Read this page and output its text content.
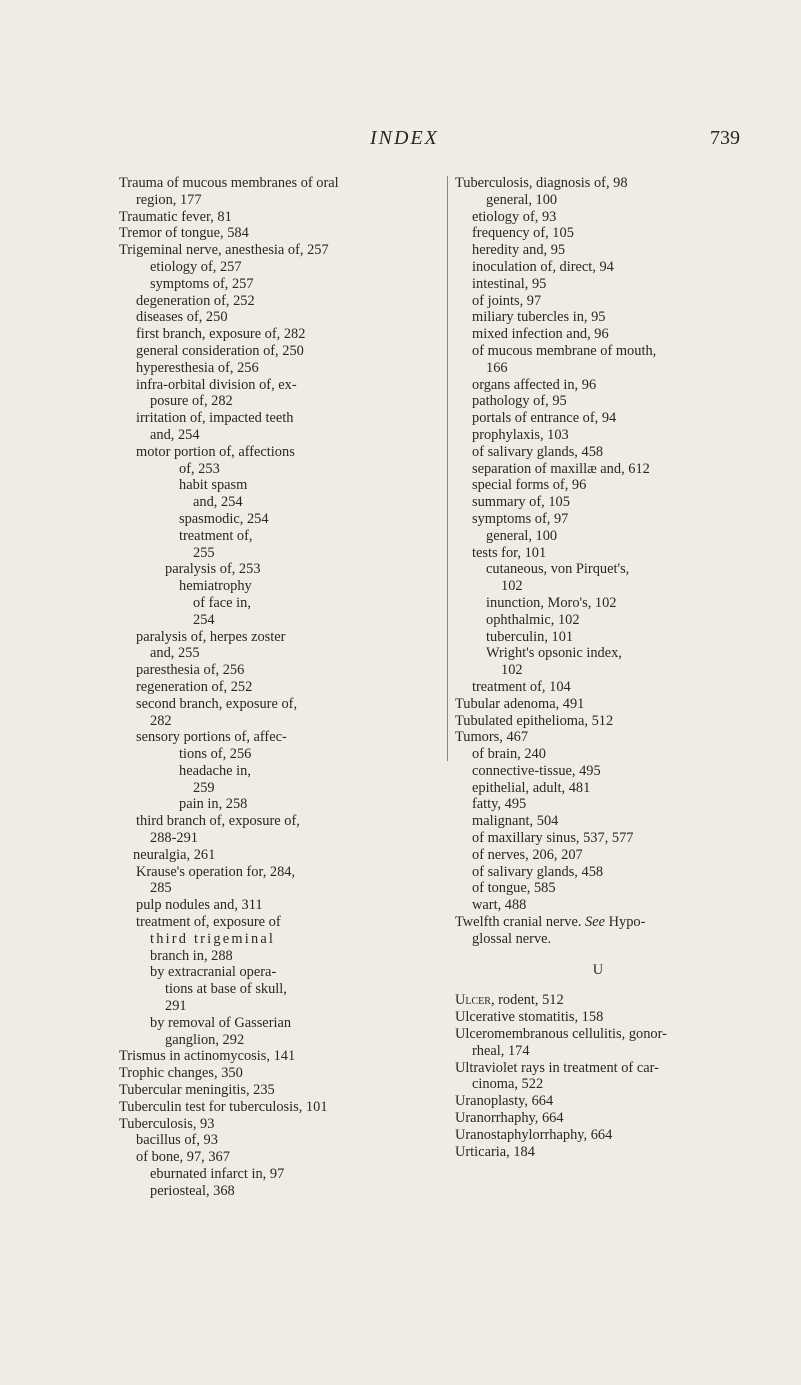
INDEX	739
Trauma of mucous membranes of oral
region, 177
Traumatic fever, 81
Tremor of tongue, 584
Trigeminal nerve, anesthesia of, 257
etiology of, 257
symptoms of, 257
degeneration of, 252
diseases of, 250
first branch, exposure of, 282
general consideration of, 250
hyperesthesia of, 256
infra-orbital division of, ex-
posure of, 282
irritation of, impacted teeth
and, 254
motor portion of, affections
of, 253
habit spasm
and, 254
spasmodic, 254
treatment of,
255
paralysis of, 253
hemiatrophy
of face in,
254
paralysis of, herpes zoster
and, 255
paresthesia of, 256
regeneration of, 252
second branch, exposure of,
282
sensory portions of, affec-
tions of, 256
headache in,
259
pain in, 258
third branch of, exposure of,
288-291
neuralgia, 261
Krause's operation for, 284,
285
pulp nodules and, 311
treatment of, exposure of
third trigeminal
branch in, 288
by extracranial opera-
tions at base of skull,
291
by removal of Gasserian
ganglion, 292
Trismus in actinomycosis, 141
Trophic changes, 350
Tubercular meningitis, 235
Tuberculin test for tuberculosis, 101
Tuberculosis, 93
bacillus of, 93
of bone, 97, 367
eburnated infarct in, 97
periosteal, 368
Tuberculosis, diagnosis of, 98
general, 100
etiology of, 93
frequency of, 105
heredity and, 95
inoculation of, direct, 94
intestinal, 95
of joints, 97
miliary tubercles in, 95
mixed infection and, 96
of mucous membrane of mouth,
166
organs affected in, 96
pathology of, 95
portals of entrance of, 94
prophylaxis, 103
of salivary glands, 458
separation of maxillæ and, 612
special forms of, 96
summary of, 105
symptoms of, 97
general, 100
tests for, 101
cutaneous, von Pirquet's,
102
inunction, Moro's, 102
ophthalmic, 102
tuberculin, 101
Wright's opsonic index,
102
treatment of, 104
Tubular adenoma, 491
Tubulated epithelioma, 512
Tumors, 467
of brain, 240
connective-tissue, 495
epithelial, adult, 481
fatty, 495
malignant, 504
of maxillary sinus, 537, 577
of nerves, 206, 207
of salivary glands, 458
of tongue, 585
wart, 488
Twelfth cranial nerve. See Hypo-
glossal nerve.
U
Ulcer, rodent, 512
Ulcerative stomatitis, 158
Ulceromembranous cellulitis, gonor-
rheal, 174
Ultraviolet rays in treatment of car-
cinoma, 522
Uranoplasty, 664
Uranorrhaphy, 664
Uranostaphylorrhaphy, 664
Urticaria, 184
